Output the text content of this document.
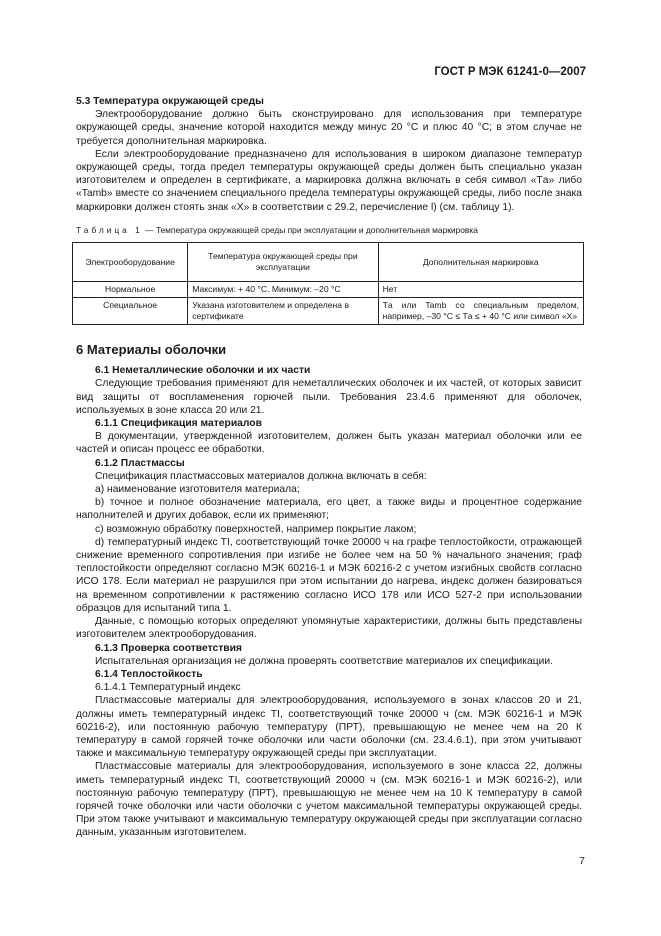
ГОСТ Р МЭК 61241-0—2007
5.3 Температура окружающей среды

Электрооборудование должно быть сконструировано для использования при температуре окружающей среды, значение которой находится между минус 20 °С и плюс 40 °С; в этом случае не требуется дополнительная маркировка.

Если электрооборудование предназначено для использования в широком диапазоне температур окружающей среды, тогда предел температуры окружающей среды должен быть специально указан изготовителем и определен в сертификате, а маркировка должна включать в себя символ «Tа» либо «Tamb» вместе со значением специального предела температуры окружающей среды, либо после знака маркировки должен стоять знак «X» в соответствии с 29.2, перечисление l) (см. таблицу 1).

Таблица 1 — Температура окружающей среды при эксплуатации и дополнительная маркировка
Электрооборудование	Температура окружающей среды при эксплуатации	Дополнительная маркировка
Нормальное	Максимум: + 40 °С. Минимум: –20 °С	Нет
Специальное	Указана изготовителем и определена в сертификате	Tа или Tamb со специальным пределом, например, –30 °С ≤ Tа ≤ + 40 °С или символ «X»
6 Материалы оболочки
6.1 Неметаллические оболочки и их части

Следующие требования применяют для неметаллических оболочек и их частей, от которых зависит вид защиты от воспламенения горючей пыли. Требования 23.4.6 применяют для оболочек, используемых в зоне класса 20 или 21.

6.1.1 Спецификация материалов

В документации, утвержденной изготовителем, должен быть указан материал оболочки или ее частей и описан процесс ее обработки.

6.1.2 Пластмассы

Спецификация пластмассовых материалов должна включать в себя:

a) наименование изготовителя материала;

b) точное и полное обозначение материала, его цвет, а также виды и процентное содержание наполнителей и других добавок, если их применяют;

c) возможную обработку поверхностей, например покрытие лаком;

d) температурный индекс TI, соответствующий точке 20000 ч на графе теплостойкости, отражающей снижение временного сопротивления при изгибе не более чем на 50 % начального значения; граф теплостойкости определяют согласно МЭК 60216-1 и МЭК 60216-2 с учетом изгибных свойств согласно ИСО 178. Если материал не разрушился при этом испытании до нагрева, индекс должен базироваться на временном сопротивлении к растяжению согласно ИСО 178 или ИСО 527-2 при использовании образцов для испытаний типа 1.

Данные, с помощью которых определяют упомянутые характеристики, должны быть представлены изготовителем электрооборудования.

6.1.3 Проверка соответствия

Испытательная организация не должна проверять соответствие материалов их спецификации.

6.1.4 Теплостойкость
6.1.4.1 Температурный индекс

Пластмассовые материалы для электрооборудования, используемого в зонах классов 20 и 21, должны иметь температурный индекс TI, соответствующий точке 20000 ч (см. МЭК 60216-1 и МЭК 60216-2), или постоянную рабочую температуру (ПРТ), превышающую не менее чем на 20 К температуру в самой горячей точке оболочки или части оболочки (см. 23.4.6.1), при этом учитывают также и максимальную температуру окружающей среды при эксплуатации.

Пластмассовые материалы для электрооборудования, используемого в зоне класса 22, должны иметь температурный индекс TI, соответствующий 20000 ч (см. МЭК 60216-1 и МЭК 60216-2), или постоянную рабочую температуру (ПРТ), превышающую не менее чем на 10 К температуру в самой горячей точке оболочки или части оболочки с учетом максимальной температуры окружающей среды. При этом также учитывают и максимальную температуру окружающей среды при эксплуатации согласно данным, указанным изготовителем.

7
